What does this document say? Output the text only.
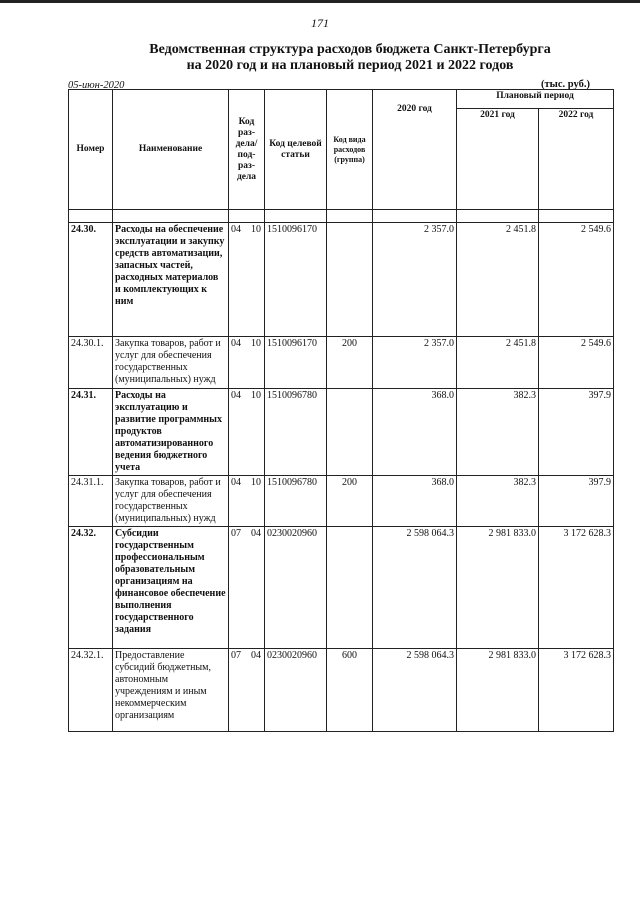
171
Ведомственная структура расходов бюджета Санкт-Петербурга
на 2020 год и на плановый период 2021 и 2022 годов
05-июн-2020	(тыс. руб.)
Номер	Наименование	Код раз- дела/ под- раз- дела	Код целевой статьи	Код вида расходов (группа)	2020 год	Плановый период	
						2021 год	2022 год

24.30.	Расходы на обеспечение эксплуатации и закупку средств автоматизации, запасных частей, расходных материалов и комплектующих к ним	04 10	1510096170		2 357.0	2 451.8	2 549.6
24.30.1.	Закупка товаров, работ и услуг для обеспечения государственных (муниципальных) нужд	04 10	1510096170	200	2 357.0	2 451.8	2 549.6
24.31.	Расходы на эксплуатацию и развитие программных продуктов автоматизированного ведения бюджетного учета	04 10	1510096780		368.0	382.3	397.9
24.31.1.	Закупка товаров, работ и услуг для обеспечения государственных (муниципальных) нужд	04 10	1510096780	200	368.0	382.3	397.9
24.32.	Субсидии государственным профессиональным образовательным организациям на финансовое обеспечение выполнения государственного задания	07 04	0230020960		2 598 064.3	2 981 833.0	3 172 628.3
24.32.1.	Предоставление субсидий бюджетным, автономным учреждениям и иным некоммерческим организациям	07 04	0230020960	600	2 598 064.3	2 981 833.0	3 172 628.3
